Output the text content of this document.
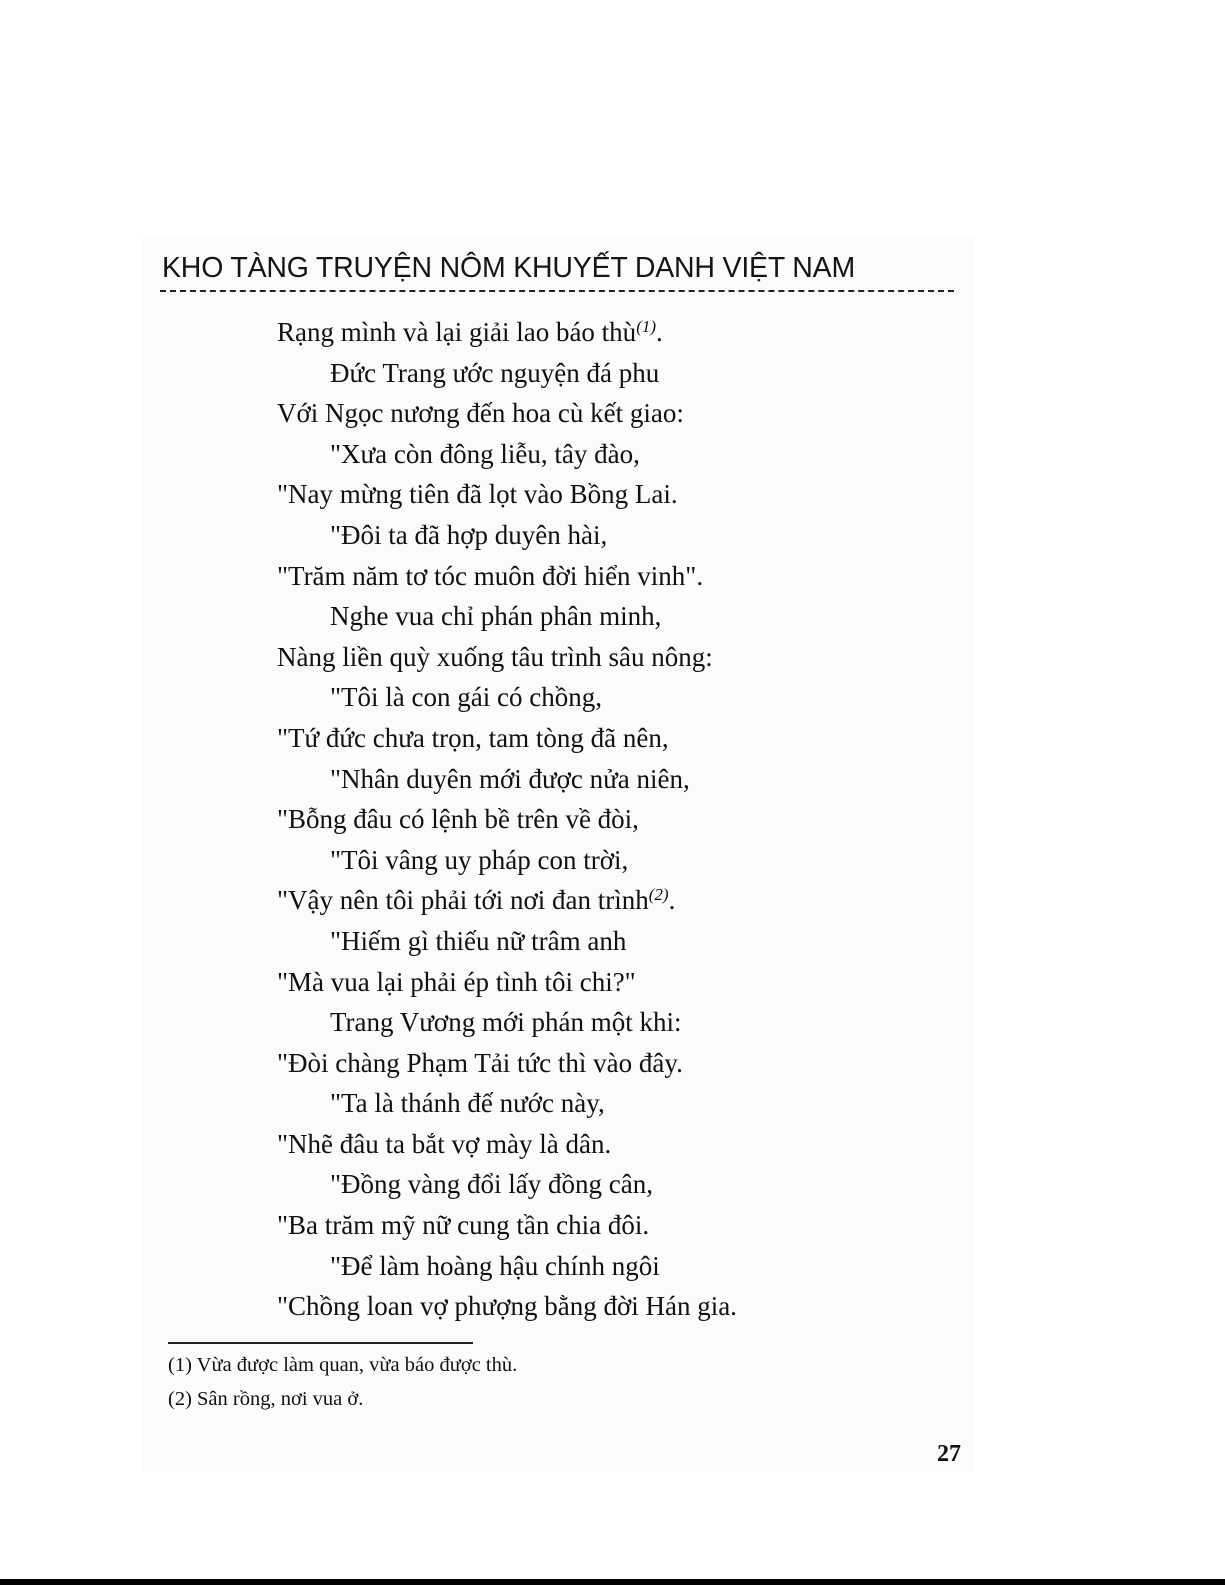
KHO TÀNG TRUYỆN NÔM KHUYẾT DANH VIỆT NAM
Rạng mình và lại giải lao báo thù$^{(1)}$.
Đức Trang ước nguyện đá phu
Với Ngọc nương đến hoa cù kết giao:
"Xưa còn đông liễu, tây đào,
"Nay mừng tiên đã lọt vào Bồng Lai.
"Đôi ta đã hợp duyên hài,
"Trăm năm tơ tóc muôn đời hiển vinh".
Nghe vua chỉ phán phân minh,
Nàng liền quỳ xuống tâu trình sâu nông:
"Tôi là con gái có chồng,
"Tứ đức chưa trọn, tam tòng đã nên,
"Nhân duyên mới được nửa niên,
"Bỗng đâu có lệnh bề trên về đòi,
"Tôi vâng uy pháp con trời,
"Vậy nên tôi phải tới nơi đan trình$^{(2)}$.
"Hiếm gì thiếu nữ trâm anh
"Mà vua lại phải ép tình tôi chi?"
Trang Vương mới phán một khi:
"Đòi chàng Phạm Tải tức thì vào đây.
"Ta là thánh đế nước này,
"Nhẽ đâu ta bắt vợ mày là dân.
"Đồng vàng đổi lấy đồng cân,
"Ba trăm mỹ nữ cung tần chia đôi.
"Để làm hoàng hậu chính ngôi
"Chồng loan vợ phượng bằng đời Hán gia.
(1) Vừa được làm quan, vừa báo được thù.
(2) Sân rồng, nơi vua ở.
27
